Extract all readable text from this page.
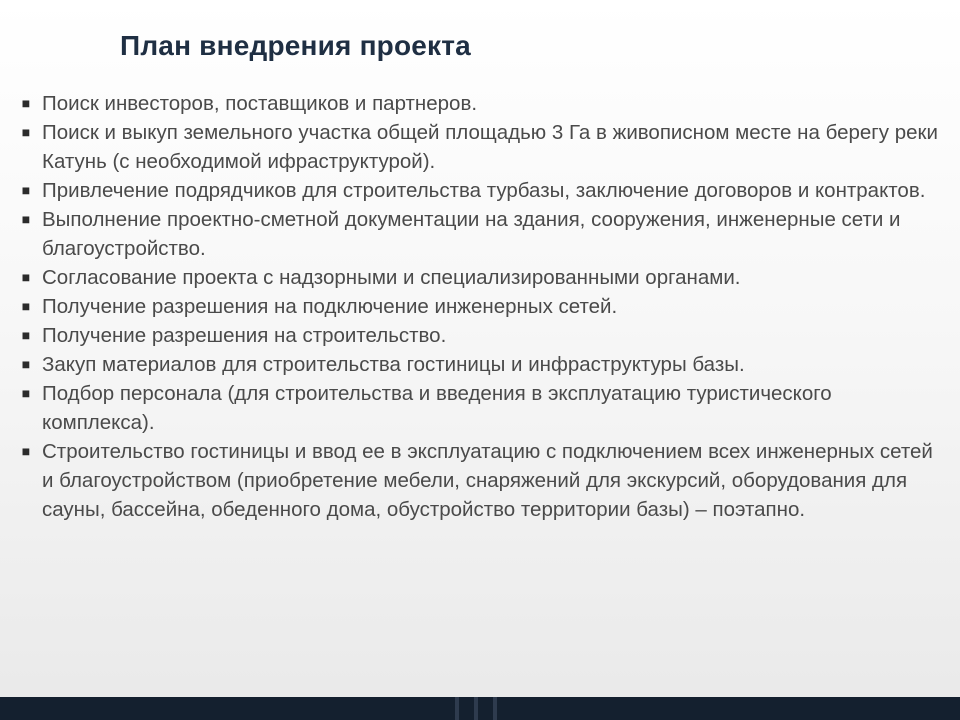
План внедрения проекта
■ Поиск инвесторов, поставщиков и партнеров.
■ Поиск и выкуп земельного участка общей площадью 3 Га в живописном месте на берегу реки Катунь (с необходимой ифраструктурой).
■ Привлечение подрядчиков для строительства турбазы, заключение договоров и контрактов.
■ Выполнение проектно-сметной документации на здания, сооружения, инженерные сети и благоустройство.
■ Согласование проекта с надзорными и специализированными органами.
■ Получение разрешения на подключение инженерных сетей.
■ Получение разрешения на строительство.
■ Закуп материалов для строительства гостиницы и инфраструктуры базы.
■ Подбор персонала (для строительства и введения в эксплуатацию туристического комплекса).
■ Строительство гостиницы и ввод ее в эксплуатацию с подключением всех инженерных сетей и благоустройством (приобретение мебели, снаряжений для экскурсий, оборудования для сауны, бассейна, обеденного дома, обустройство территории базы) – поэтапно.
